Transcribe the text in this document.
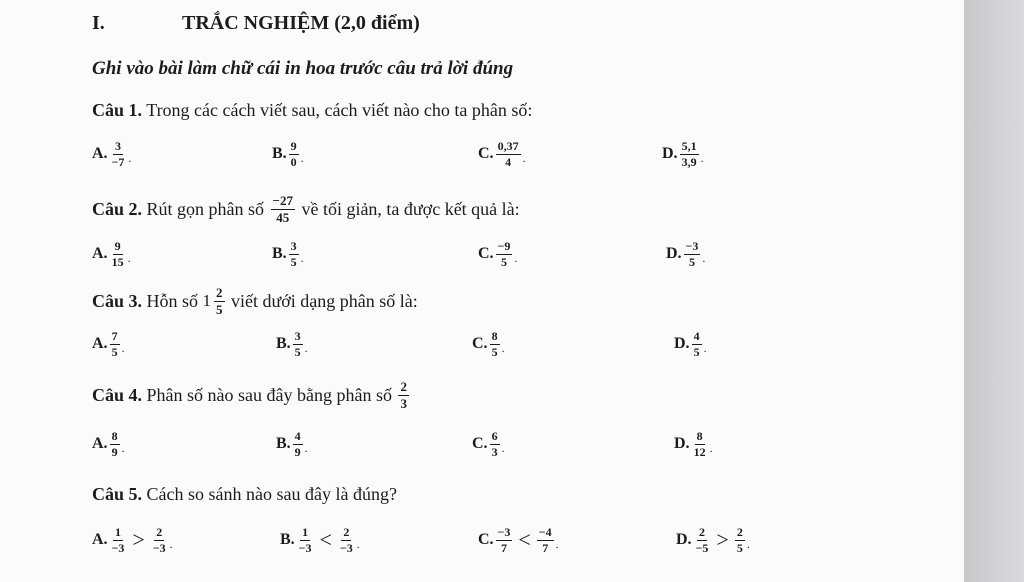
I.	TRẮC NGHIỆM (2,0 điểm)
Ghi vào bài làm chữ cái in hoa trước câu trả lời đúng
Câu 1. Trong các cách viết sau, cách viết nào cho ta phân số:
A. $\frac{3}{-7}$ .	B. $\frac{9}{0}$ .	C. $\frac{0,37}{4}$ .	D. $\frac{5,1}{3,9}$ .
Câu 2.
Rút gọn phân số
$\frac{-27}{45}$
về tối giản, ta được kết quả là:
A. $\frac{9}{15}$ .	B. $\frac{3}{5}$ .	C. $\frac{-9}{5}$ .	D. $\frac{-3}{5}$ .
Câu 3.
Hỗn số
$1 \frac{2}{5}$
viết dưới dạng phân số là:
A. $\frac{7}{5}$ .	B. $\frac{3}{5}$ .	C. $\frac{8}{5}$ .	D. $\frac{4}{5}$ .
Câu 4.
Phân số nào sau đây bằng phân số
$\frac{2}{3}$
A. $\frac{8}{9}$ .	B. $\frac{4}{9}$ .	C. $\frac{6}{3}$ .	D. $\frac{8}{12}$ .
Câu 5. Cách so sánh nào sau đây là đúng?
A. $\frac{1}{-3} > \frac{2}{-3}$ .	B. $\frac{1}{-3} < \frac{2}{-3}$ .	C. $\frac{-3}{7} < \frac{-4}{7}$ .	D. $\frac{2}{-5} > \frac{2}{5}$ .
